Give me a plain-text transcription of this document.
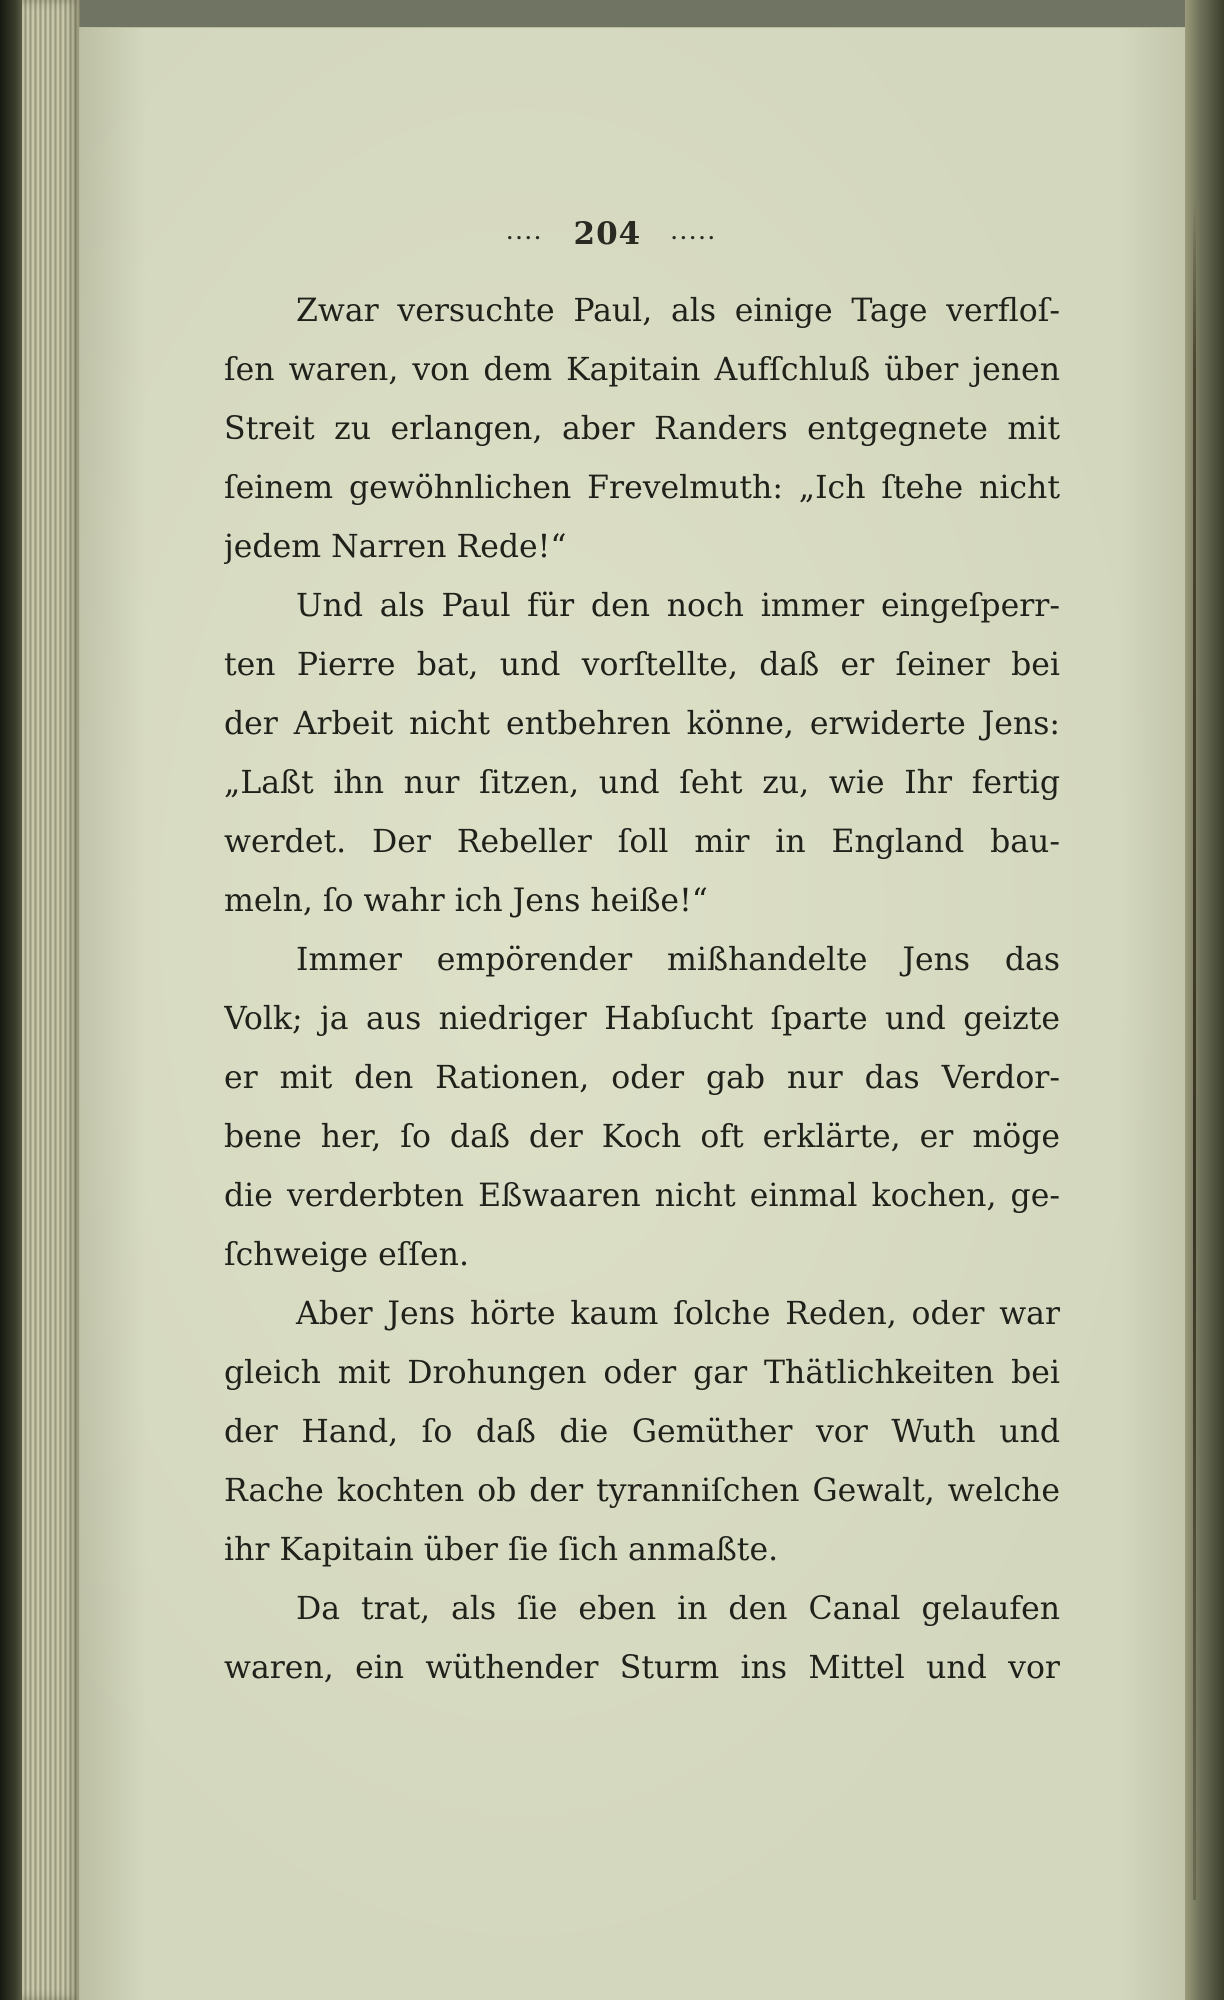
.... 204 .....
Zwar versuchte Paul, als einige Tage verfloſ-
ſen waren, von dem Kapitain Aufſchluß über jenen
Streit zu erlangen, aber Randers entgegnete mit
ſeinem gewöhnlichen Frevelmuth: „Ich ſtehe nicht
jedem Narren Rede!“
Und als Paul für den noch immer eingeſperr-
ten Pierre bat, und vorſtellte, daß er ſeiner bei
der Arbeit nicht entbehren könne, erwiderte Jens:
„Laßt ihn nur ſitzen, und ſeht zu, wie Ihr fertig
werdet. Der Rebeller ſoll mir in England bau-
meln, ſo wahr ich Jens heiße!“
Immer empörender mißhandelte Jens das
Volk; ja aus niedriger Habſucht ſparte und geizte
er mit den Rationen, oder gab nur das Verdor-
bene her, ſo daß der Koch oft erklärte, er möge
die verderbten Eßwaaren nicht einmal kochen, ge-
ſchweige eſſen.
Aber Jens hörte kaum ſolche Reden, oder war
gleich mit Drohungen oder gar Thätlichkeiten bei
der Hand, ſo daß die Gemüther vor Wuth und
Rache kochten ob der tyranniſchen Gewalt, welche
ihr Kapitain über ſie ſich anmaßte.
Da trat, als ſie eben in den Canal gelaufen
waren, ein wüthender Sturm ins Mittel und vor
